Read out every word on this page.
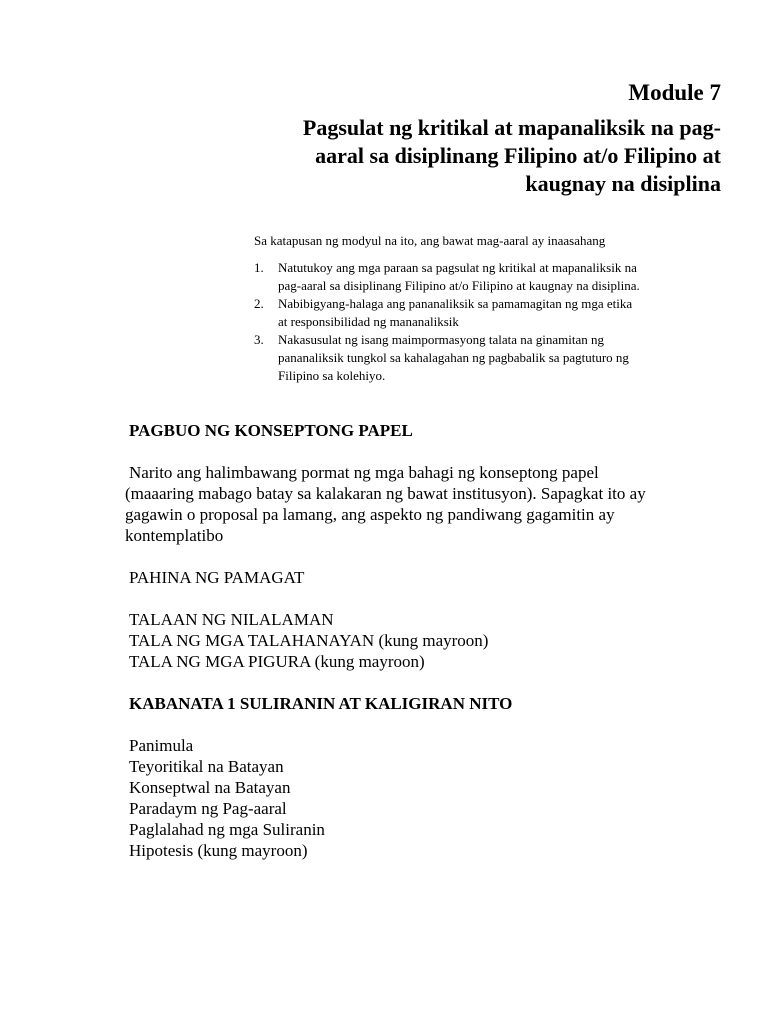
Module 7
Pagsulat ng kritikal at mapanaliksik na pag-
aaral sa disiplinang Filipino at/o Filipino at
kaugnay na disiplina

Sa katapusan ng modyul na ito, ang bawat mag-aaral ay inaasahang

1. Natutukoy ang mga paraan sa pagsulat ng kritikal at mapanaliksik na
pag-aaral sa disiplinang Filipino at/o Filipino at kaugnay na disiplina.
2. Nabibigyang-halaga ang pananaliksik sa pamamagitan ng mga etika
at responsibilidad ng mananaliksik
3. Nakasusulat ng isang maimpormasyong talata na ginamitan ng
pananaliksik tungkol sa kahalagahan ng pagbabalik sa pagtuturo ng
Filipino sa kolehiyo.
PAGBUO NG KONSEPTONG PAPEL
Narito ang halimbawang pormat ng mga bahagi ng konseptong papel
(maaaring mabago batay sa kalakaran ng bawat institusyon). Sapagkat ito ay
gagawin o proposal pa lamang, ang aspekto ng pandiwang gagamitin ay
kontemplatibo
PAHINA NG PAMAGAT
TALAAN NG NILALAMAN
TALA NG MGA TALAHANAYAN (kung mayroon)
TALA NG MGA PIGURA (kung mayroon)
KABANATA 1 SULIRANIN AT KALIGIRAN NITO
Panimula
Teyoritikal na Batayan
Konseptwal na Batayan
Paradaym ng Pag-aaral
Paglalahad ng mga Suliranin
Hipotesis (kung mayroon)
